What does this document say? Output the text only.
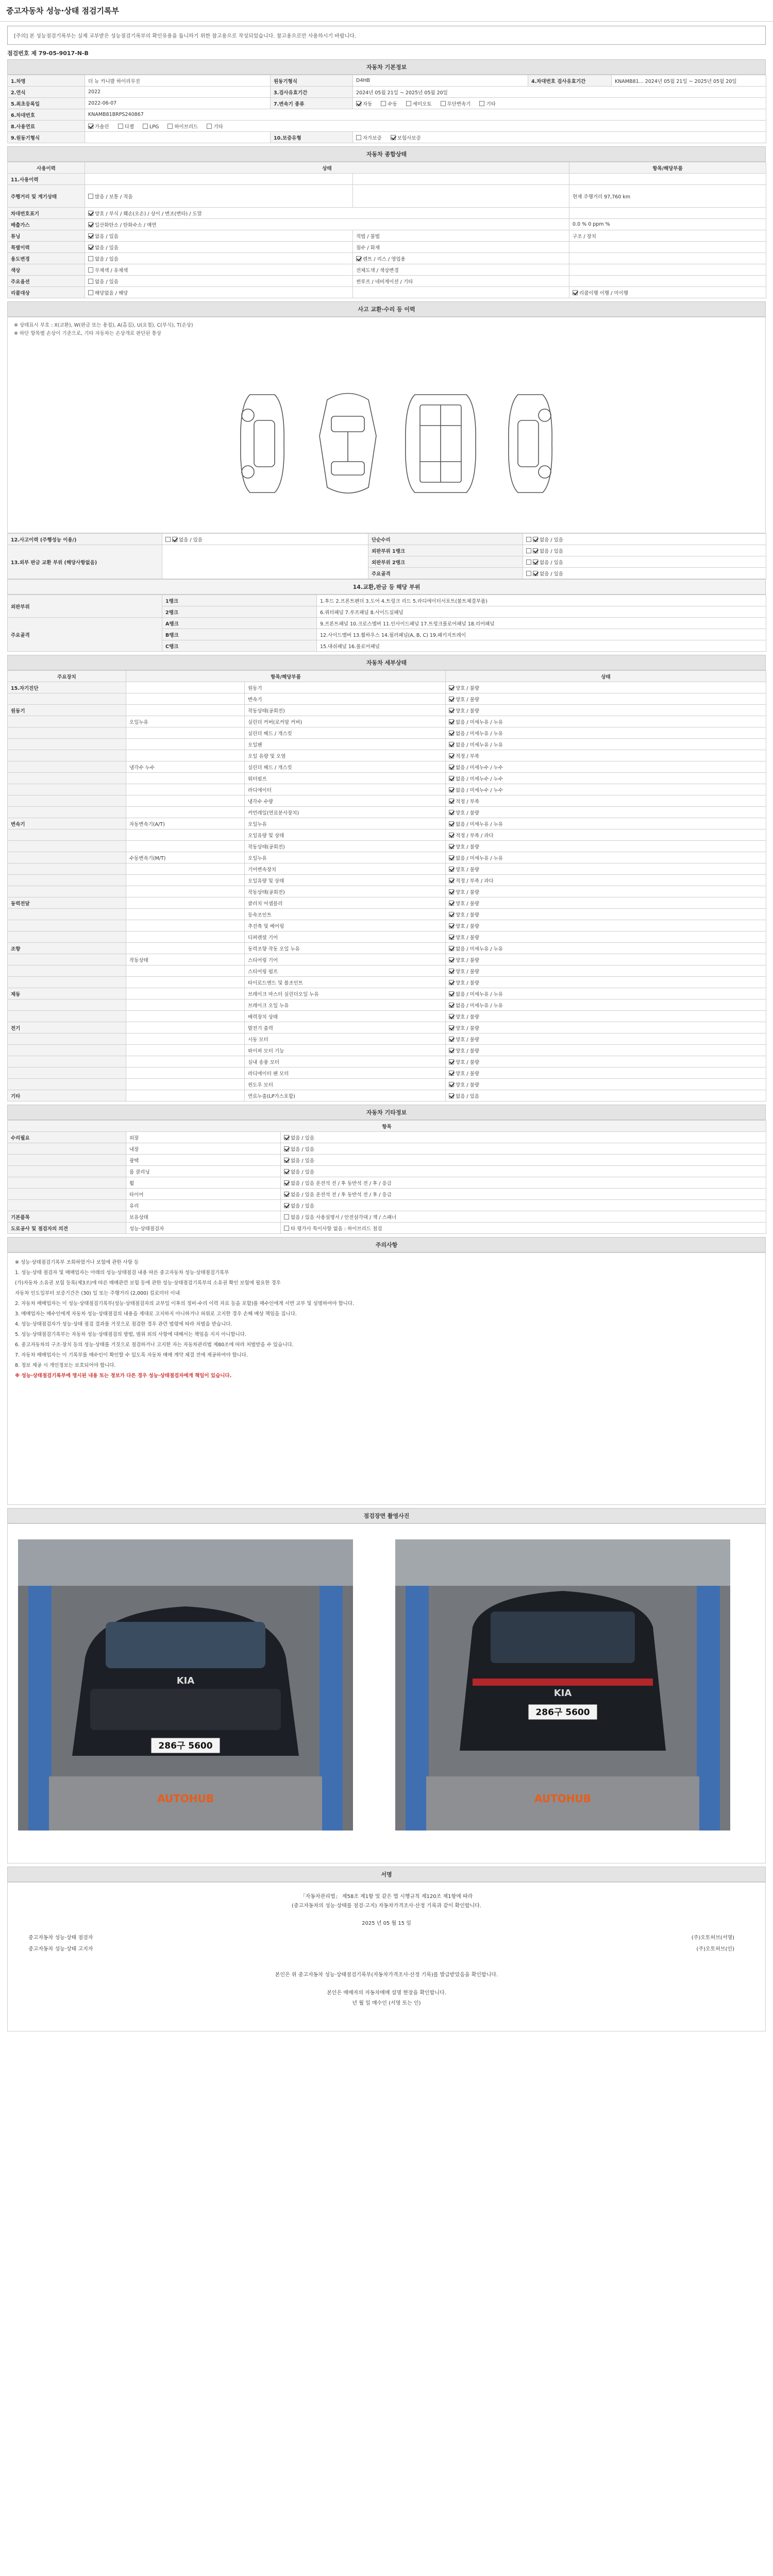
중고자동차 성능·상태 점검기록부
[주의] 본 성능점검기록부는 실제 교부받은 성능점검기록부의 확인유용을 돕니하기 위한 참고용으로 작성되었습니다. 참고용으로만 사용하시기 바랍니다.
점검번호 제 79-05-9017-N-B
자동차 기본정보
1.차명	더 뉴 카니발 하이리무진	원동기형식	D4HB	4.차대번호 검사유효기간	KNAMB81... 2024년 05월 21일 ~ 2025년 05월 20일
2.연식	2022	3.검사유효기간	2024년 05월 21일 ~ 2025년 05월 20일		
5.최초등록일	2022-06-07	7.변속기 종류	자동 수동 세미오토 무단변속기 기타		
6.차대번호	KNAMB81BRPS240867				
8.사용연료	가솔린 디젤 LPG 하이브리드 기타				
9.원동기형식		10.보증유형	자가보증 보험사보증		
자동차 종합상태
사용이력	상태		항목/해당부품
11.사용이력			
주행거리 및 계기상태	많음 / 보통 / 적음		현재 주행거리 97,760 km
차대번호표기	양호 / 부식 / 훼손(오손) / 상이 / 변조(변타) / 도말		
배출가스	일산화탄소 / 탄화수소 / 매연		0.0 % 0 ppm %
튜닝	없음 / 있음	적법 / 불법	구조 / 장치
특별이력	없음 / 있음	침수 / 화재	
용도변경	없음 / 있음	렌트 / 리스 / 영업용	
색상	무채색 / 유채색	전체도색 / 색상변경	
주요옵션	없음 / 있음	썬루프 / 네비게이션 / 기타	
리콜대상	해당없음 / 해당		리콜이행 이행 / 미이행
사고 교환·수리 등 이력
※ 상태표시 부호 : X(교환), W(판금 또는 용접), A(흠집), U(요철), C(부식), T(손상)
※ 하단 항목별 손상이 기준으로, 기타 자동차는 손상개로 판단된 통상
12.사고이력 (주행성능 이용/)	없음 / 있음	단순수리	없음 / 있음
13.외부 판금 교환 부위 (해당사항없음)		외판부위 1랭크	없음 / 있음
		외판부위 2랭크	없음 / 있음
		주요골격	없음 / 있음
14.교환,판금 등 해당 부위
외판부위	1랭크	1.후드 2.프론트펜더 3.도어 4.트렁크 리드 5.라디에이터서포트(볼트체결부품)
	2랭크	6.쿼터패널 7.루프패널 8.사이드실패널
주요골격	A랭크	9.프론트패널 10.크로스멤버 11.인사이드패널 17.트렁크플로어패널 18.리어패널
	B랭크	12.사이드멤버 13.휠하우스 14.필러패널(A, B, C) 19.패키지트레이
	C랭크	15.대쉬패널 16.플로어패널
자동차 세부상태
주요장치	항목/해당부품		상태
15.자기진단		원동기	양호 / 불량
		변속기	양호 / 불량
원동기		작동상태(공회전)	양호 / 불량
	오일누유	실린더 커버(로커암 커버)	없음 / 미세누유 / 누유
		실린더 헤드 / 개스킷	없음 / 미세누유 / 누유
		오일팬	없음 / 미세누유 / 누유
		오일 유량 및 오염	적정 / 부족
	냉각수 누수	실린더 헤드 / 개스킷	없음 / 미세누수 / 누수
		워터펌프	없음 / 미세누수 / 누수
		라디에이터	없음 / 미세누수 / 누수
		냉각수 수량	적정 / 부족
		커먼레일(연료분사장치)	양호 / 불량
변속기	자동변속기(A/T)	오일누유	없음 / 미세누유 / 누유
		오일유량 및 상태	적정 / 부족 / 과다
		작동상태(공회전)	양호 / 불량
	수동변속기(M/T)	오일누유	없음 / 미세누유 / 누유
		기어변속장치	양호 / 불량
		오일유량 및 상태	적정 / 부족 / 과다
		작동상태(공회전)	양호 / 불량
동력전달		클러치 어셈블리	양호 / 불량
		등속조인트	양호 / 불량
		추진축 및 베어링	양호 / 불량
		디퍼렌셜 기어	양호 / 불량
조향		동력조향 작동 오일 누유	없음 / 미세누유 / 누유
	작동상태	스티어링 기어	양호 / 불량
		스티어링 펌프	양호 / 불량
		타이로드엔드 및 볼조인트	양호 / 불량
제동		브레이크 마스터 실린더오일 누유	없음 / 미세누유 / 누유
		브레이크 오일 누유	없음 / 미세누유 / 누유
		배력장치 상태	양호 / 불량
전기		발전기 출력	양호 / 불량
		시동 모터	양호 / 불량
		와이퍼 모터 기능	양호 / 불량
		실내 송풍 모터	양호 / 불량
		라디에이터 팬 모터	양호 / 불량
		윈도우 모터	양호 / 불량
기타		연료누출(LP가스포함)	없음 / 있음
자동차 기타정보
항목		
수리필요	외장	없음 / 있음
	내장	없음 / 있음
	광택	없음 / 있음
	룸 클리닝	없음 / 있음
	휠	없음 / 있음 운전석 전 / 후 동반석 전 / 후 / 응급
	타이어	없음 / 있음 운전석 전 / 후 동반석 전 / 후 / 응급
	유리	없음 / 있음
기본품목	보유상태	없음 / 있음 사용설명서 / 안전삼각대 / 잭 / 스패너
도로공사 및 점검자의 의견	성능·상태점검자	타 평가사 특이사항 없음 : 하이브리드 점검
주의사항

※ 성능·상태점검기록부 조회하였거나 보험에 관한 사항 등

1. 성능·상태 점검자 및 매매업자는 아래의 성능·상태점검 내용 따른 중고자동차 성능·상태점검기록부

(가)자동차 소유권 보험 등록(제3조)에 따른 매매관련 보험 등에 관한 성능·상태점검기록부의 소유권 확인 보험에 필요한 경우

자동차 인도일부터 보증기간은 (30) 일 또는 주행거리 (2,000) 킬로미터 이내

2. 자동차 매매업자는 이 성능·상태점검기록부(성능·상태점검자의 교부일 이후의 정비·수리 이력 자료 등을 포함)를 매수인에게 서면 교부 및 설명하여야 합니다.

3. 매매업자는 매수인에게 자동차 성능·상태점검의 내용을 제대로 고지하지 아니하거나 허위로 고지한 경우 손해 배상 책임을 집니다.

4. 성능·상태점검자가 성능·상태 점검 결과를 거짓으로 점검한 경우 관련 법령에 따라 처벌을 받습니다.

5. 성능·상태점검기록부는 자동차 성능·상태점검의 방법, 범위 외의 사항에 대해서는 책임을 지지 아니합니다.

6. 중고자동차의 구조·장치 등의 성능·상태를 거짓으로 점검하거나 고지한 자는 자동차관리법 제80조에 따라 처벌받을 수 있습니다.

7. 자동차 매매업자는 이 기록부를 매수인이 확인할 수 있도록 자동차 매매 계약 체결 전에 제공하여야 합니다.

8. 정보 제공 시 개인정보는 보호되어야 합니다.

※ 성능·상태점검기록부에 명시된 내용 또는 정보가 다른 경우 성능·상태점검자에게 책임이 있습니다.

점검장면 촬영사진
286구 5600
KIA
AUTOHUB
286구 5600
KIA
AUTOHUB
서명
「자동차관리법」 제58조 제1항 및 같은 법 시행규칙 제120조 제1항에 따라
(중고자동차의 성능·상태를 점검·고지) 자동차가격조사·산정 기록과 같이 확인합니다.
2025 년 05 월 15 일
중고자동차 성능·상태 점검자	(주)오토허브(서명)
중고자동차 성능·상태 고지자	(주)오토허브(인)
본인은 위 중고자동차 성능·상태점검기록부(자동차가격조사·산정 기록)를 발급받았음을 확인합니다.
본인은 매매자의 자동차매매 설명 현장을 확인합니다.
년 월 일 매수인 (서명 또는 인)
